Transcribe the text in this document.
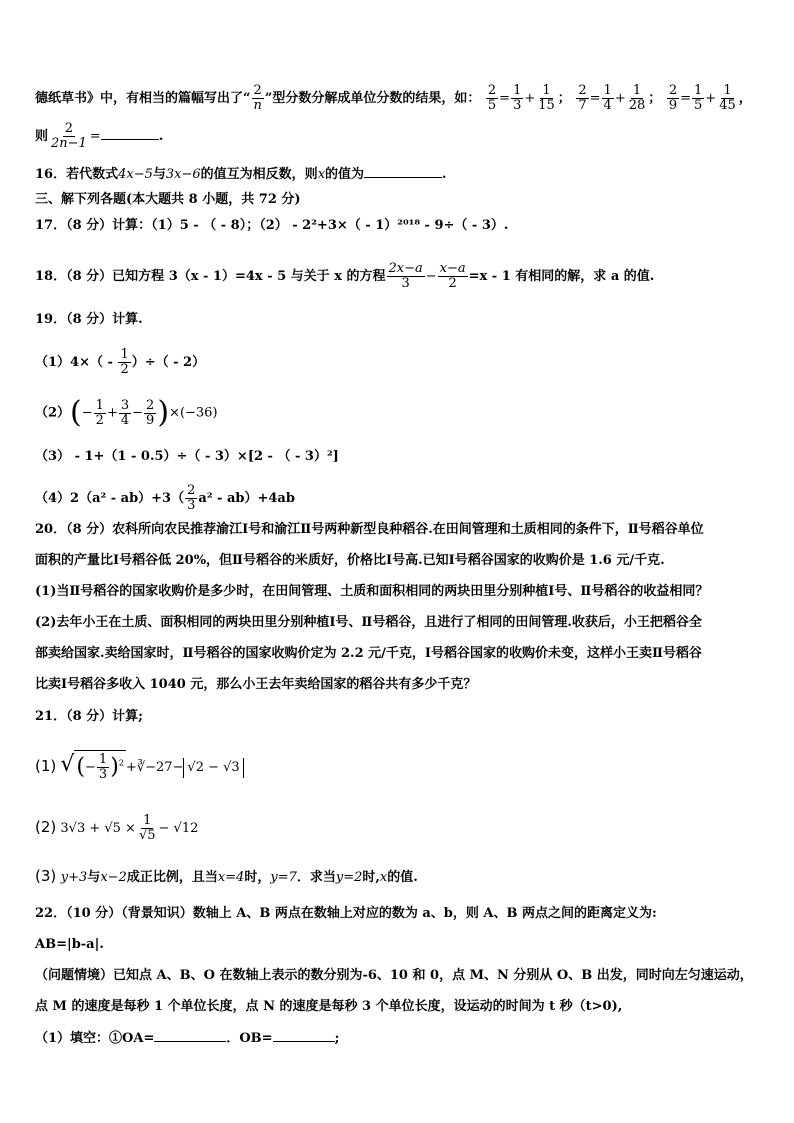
德纸草书》中，有相当的篇幅写出了“ $\frac{2}{n}$ ”型分数分解成单位分数的结果，如： $\frac{2}{5} = \frac{1}{3} + \frac{1}{15}$ ； $\frac{2}{7} = \frac{1}{4} + \frac{1}{28}$ ； $\frac{2}{9} = \frac{1}{5} + \frac{1}{45}$ ，
则 $\frac{2}{2n-1}$ =	.
16．若代数式4x−5与3x−6的值互为相反数，则x的值为	.
三、解下列各题(本大题共 8 小题，共 72 分)
17．（8 分）计算：（1）5 - （ - 8）；（2） - 2²+3×（ - 1）²⁰¹⁸ - 9÷（ - 3）.
18．（8 分）已知方程 3（x - 1）=4x - 5 与关于 x 的方程 $\frac{2x-a}{3} - \frac{x-a}{2} =x - 1$ 有相同的解，求 a 的值.
19．（8 分）计算.
$(1)4\times( - \frac{1}{2}$ ）÷（ - 2）
$(2)(- \frac{1}{2} + \frac{3}{4} - \frac{2}{9} )\times(-36)$
（3） - 1+（1 - 0.5）÷（ - 3）×[2 - （ - 3）²]
$(4)2(a^2 - ab)+3( \frac{2}{3} a^2 - ab)+4ab$
20．（8 分）农科所向农民推荐渝江Ⅰ号和渝江Ⅱ号两种新型良种稻谷.在田间管理和土质相同的条件下，Ⅱ号稻谷单位
面积的产量比Ⅰ号稻谷低 20%，但Ⅱ号稻谷的米质好，价格比Ⅰ号高.已知Ⅰ号稻谷国家的收购价是 1.6 元/千克.
(1)当Ⅱ号稻谷的国家收购价是多少时，在田间管理、土质和面积相同的两块田里分别种植Ⅰ号、Ⅱ号稻谷的收益相同？
(2)去年小王在土质、面积相同的两块田里分别种植Ⅰ号、Ⅱ号稻谷，且进行了相同的田间管理.收获后，小王把稻谷全
部卖给国家.卖给国家时，Ⅱ号稻谷的国家收购价定为 2.2 元/千克，Ⅰ号稻谷国家的收购价未变，这样小王卖Ⅱ号稻谷
比卖Ⅰ号稻谷多收入 1040 元，那么小王去年卖给国家的稻谷共有多少千克？
21．（8 分）计算;
(1) √(− $\frac{1}{3} )^2$ +∛−27− √2 − √3
(2) $3√3 + √5 \times \frac{1}{√5} - √12$
(3) y+3与x−2成正比例，且当x=4时，y=7．求当y=2时,x的值.
22．（10 分）（背景知识）数轴上 A、B 两点在数轴上对应的数为 a、b，则 A、B 两点之间的距离定义为:
AB=|b-a|.
（问题情境）已知点 A、B、O 在数轴上表示的数分别为-6、10 和 0，点 M、N 分别从 O、B 出发，同时向左匀速运动，
点 M 的速度是每秒 1 个单位长度，点 N 的速度是每秒 3 个单位长度，设运动的时间为 t 秒（t>0),
（1）填空：①OA=	．OB=	;
